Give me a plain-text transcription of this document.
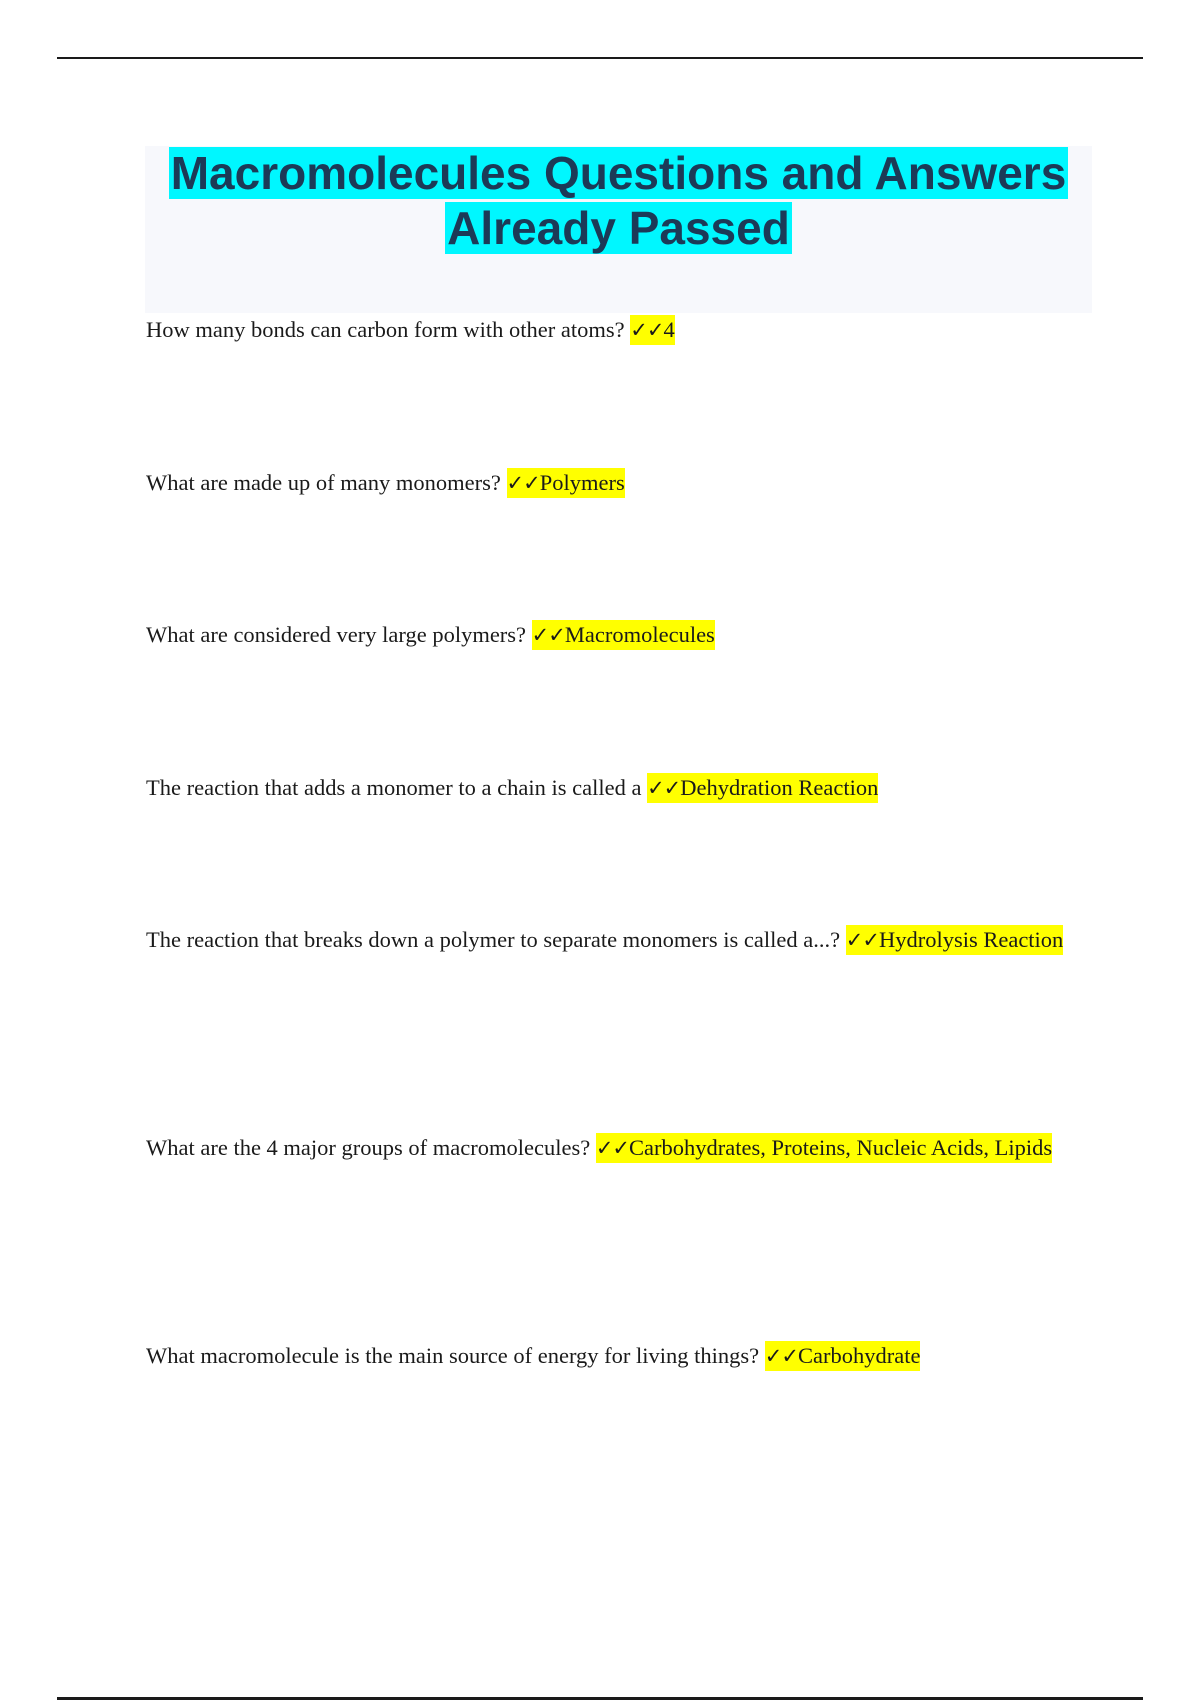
Macromolecules Questions and Answers

Already Passed

How many bonds can carbon form with other atoms? ✓✓4

What are made up of many monomers? ✓✓Polymers

What are considered very large polymers? ✓✓Macromolecules

The reaction that adds a monomer to a chain is called a ✓✓Dehydration Reaction

The reaction that breaks down a polymer to separate monomers is called a...? ✓✓Hydrolysis Reaction

What are the 4 major groups of macromolecules? ✓✓Carbohydrates, Proteins, Nucleic Acids, Lipids

What macromolecule is the main source of energy for living things? ✓✓Carbohydrate
